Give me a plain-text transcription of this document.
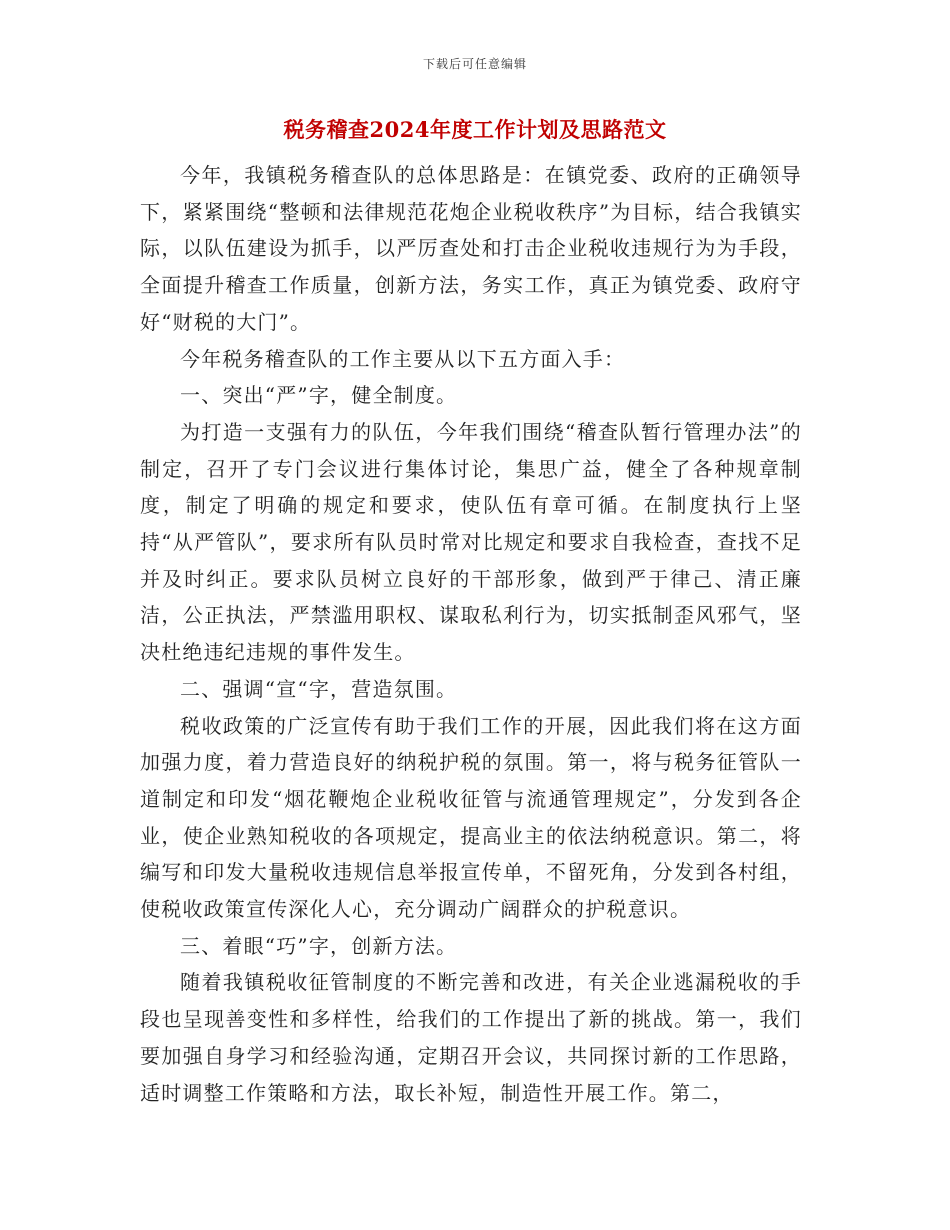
下载后可任意编辑
税务稽查2024年度工作计划及思路范文

今年，我镇税务稽查队的总体思路是：在镇党委、政府的正确领导下，紧紧围绕“整顿和法律规范花炮企业税收秩序”为目标，结合我镇实际，以队伍建设为抓手，以严厉查处和打击企业税收违规行为为手段，全面提升稽查工作质量，创新方法，务实工作，真正为镇党委、政府守好“财税的大门”。

今年税务稽查队的工作主要从以下五方面入手：

一、突出“严”字，健全制度。

为打造一支强有力的队伍，今年我们围绕“稽查队暂行管理办法”的制定，召开了专门会议进行集体讨论，集思广益，健全了各种规章制度，制定了明确的规定和要求，使队伍有章可循。在制度执行上坚持“从严管队”，要求所有队员时常对比规定和要求自我检查，查找不足并及时纠正。要求队员树立良好的干部形象，做到严于律己、清正廉洁，公正执法，严禁滥用职权、谋取私利行为，切实抵制歪风邪气，坚决杜绝违纪违规的事件发生。

二、强调“宣“字，营造氛围。

税收政策的广泛宣传有助于我们工作的开展，因此我们将在这方面加强力度，着力营造良好的纳税护税的氛围。第一，将与税务征管队一道制定和印发“烟花鞭炮企业税收征管与流通管理规定”，分发到各企业，使企业熟知税收的各项规定，提高业主的依法纳税意识。第二，将编写和印发大量税收违规信息举报宣传单，不留死角，分发到各村组，使税收政策宣传深化人心，充分调动广阔群众的护税意识。

三、着眼“巧”字，创新方法。

随着我镇税收征管制度的不断完善和改进，有关企业逃漏税收的手段也呈现善变性和多样性，给我们的工作提出了新的挑战。第一，我们要加强自身学习和经验沟通，定期召开会议，共同探讨新的工作思路，适时调整工作策略和方法，取长补短，制造性开展工作。第二，
